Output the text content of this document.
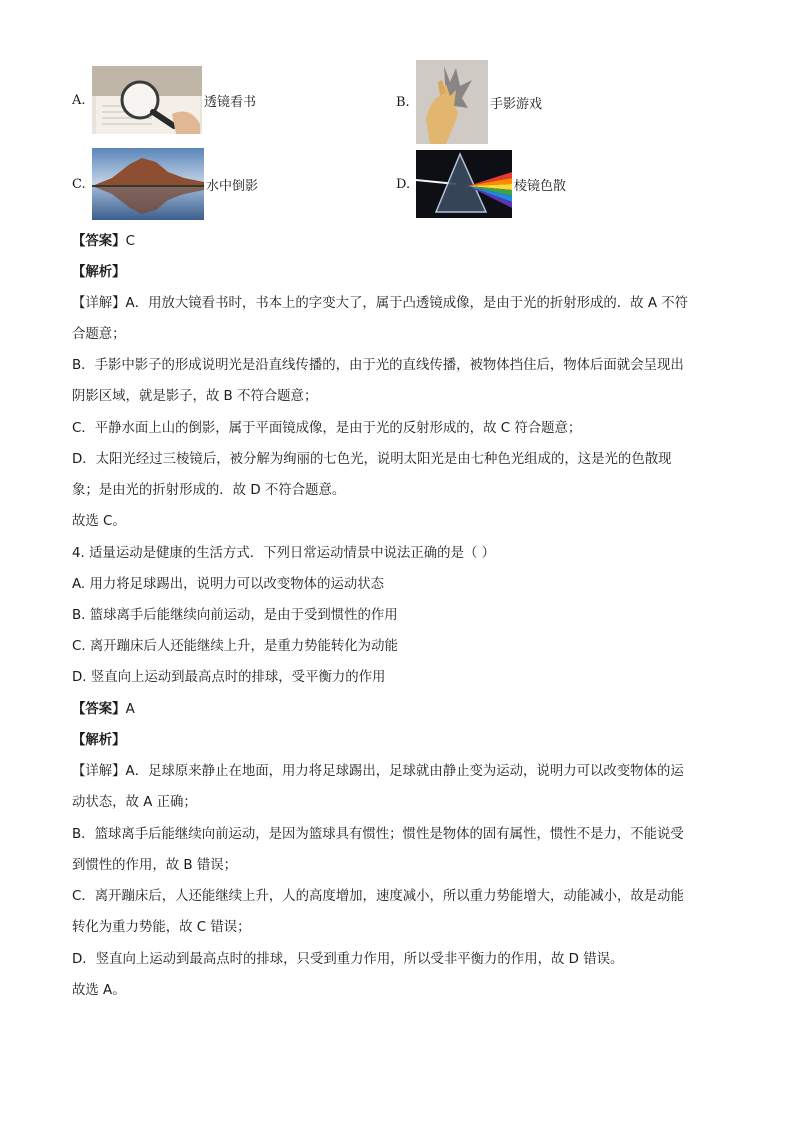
A.	透镜看书	B.	手影游戏
C.	水中倒影	D.	棱镜色散
【答案】C
【解析】
【详解】A．用放大镜看书时，书本上的字变大了，属于凸透镜成像，是由于光的折射形成的．故 A 不符
合题意；
B．手影中影子的形成说明光是沿直线传播的，由于光的直线传播，被物体挡住后，物体后面就会呈现出
阴影区域，就是影子，故 B 不符合题意；
C．平静水面上山的倒影，属于平面镜成像，是由于光的反射形成的，故 C 符合题意；
D．太阳光经过三棱镜后，被分解为绚丽的七色光，说明太阳光是由七种色光组成的，这是光的色散现
象；是由光的折射形成的．故 D 不符合题意。
故选 C。
4. 适量运动是健康的生活方式．下列日常运动情景中说法正确的是（ ）
A. 用力将足球踢出，说明力可以改变物体的运动状态
B. 篮球离手后能继续向前运动，是由于受到惯性的作用
C. 离开蹦床后人还能继续上升，是重力势能转化为动能
D. 竖直向上运动到最高点时的排球，受平衡力的作用
【答案】A
【解析】
【详解】A．足球原来静止在地面，用力将足球踢出，足球就由静止变为运动，说明力可以改变物体的运
动状态，故 A 正确；
B．篮球离手后能继续向前运动，是因为篮球具有惯性；惯性是物体的固有属性，惯性不是力，不能说受
到惯性的作用，故 B 错误；
C．离开蹦床后，人还能继续上升，人的高度增加，速度减小，所以重力势能增大，动能减小，故是动能
转化为重力势能，故 C 错误；
D．竖直向上运动到最高点时的排球，只受到重力作用，所以受非平衡力的作用，故 D 错误。
故选 A。
